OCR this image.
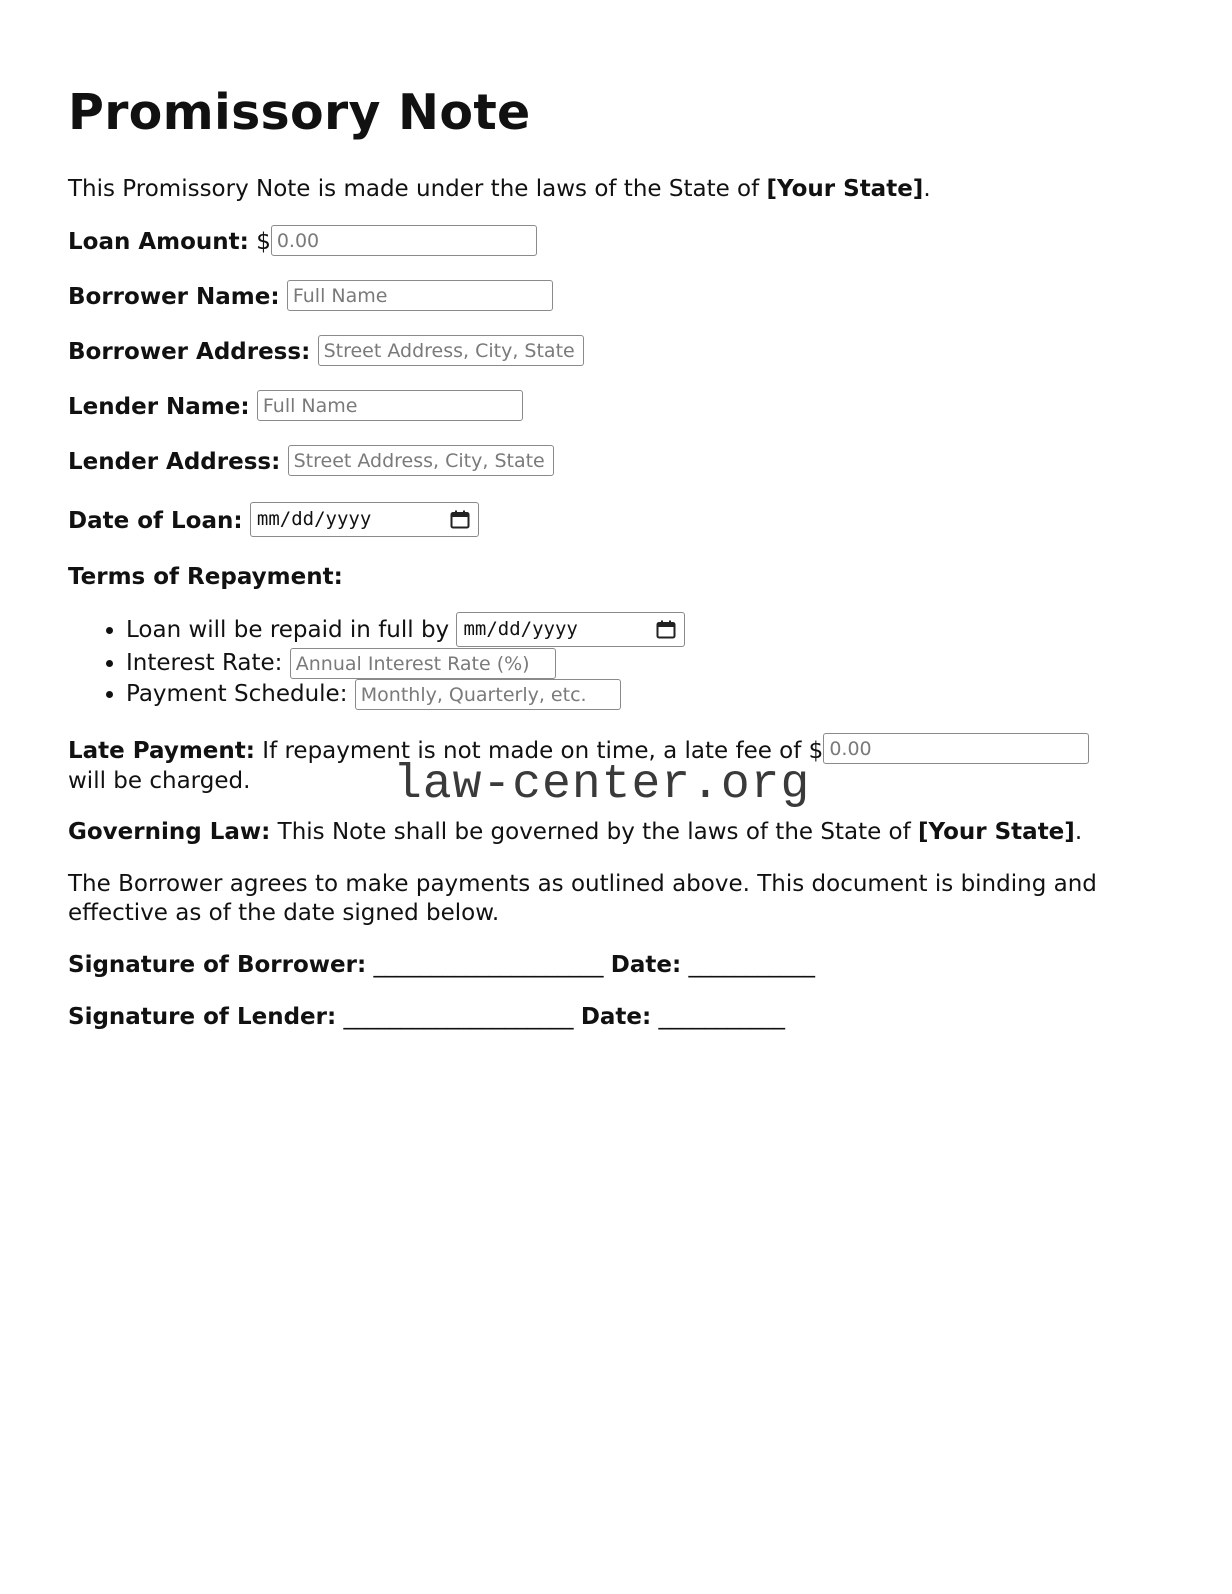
Promissory Note
This Promissory Note is made under the laws of the State of [Your State].
Loan Amount: $0.00
Borrower Name: Full Name
Borrower Address: Street Address, City, State
Lender Name: Full Name
Lender Address: Street Address, City, State
Date of Loan: mm/dd/yyyy
Terms of Repayment:
• Loan will be repaid in full by mm/dd/yyyy
• Interest Rate: Annual Interest Rate (%)
• Payment Schedule: Monthly, Quarterly, etc.
Late Payment: If repayment is not made on time, a late fee of $0.00
will be charged.	law-center.org
Governing Law: This Note shall be governed by the laws of the State of [Your State].
The Borrower agrees to make payments as outlined above. This document is binding and effective as of the date signed below.
Signature of Borrower: ____________________ Date: ___________
Signature of Lender: ____________________ Date: ___________
